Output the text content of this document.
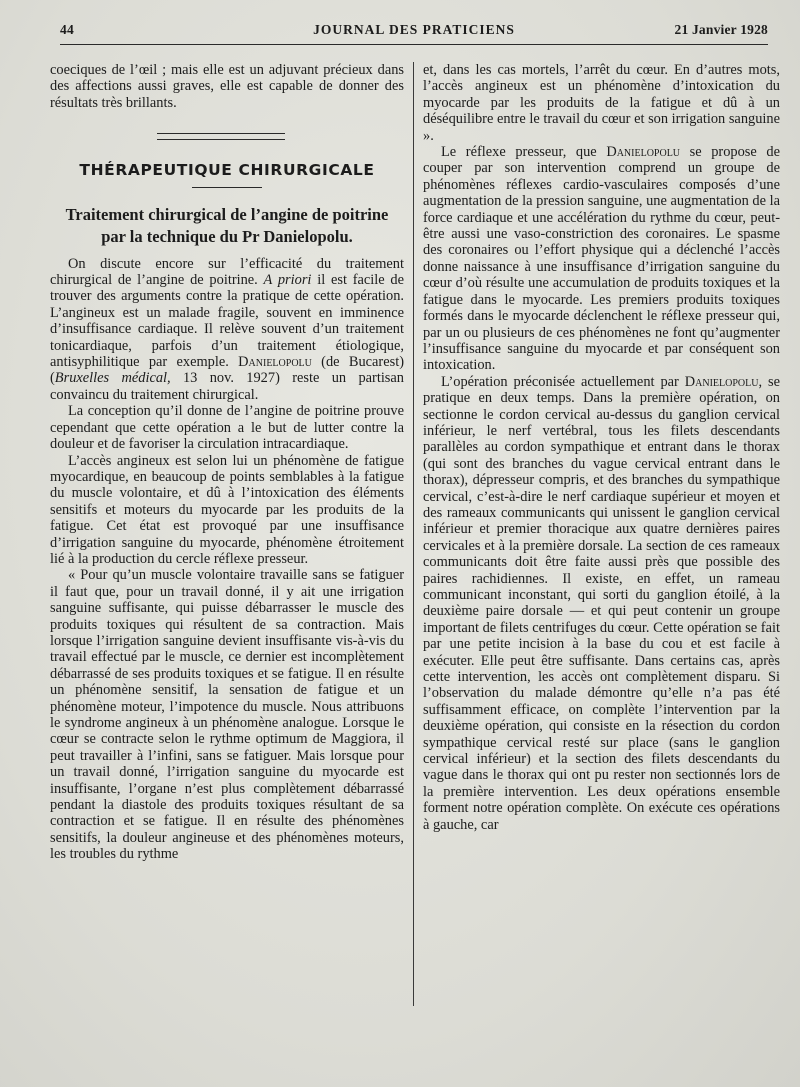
44	JOURNAL DES PRATICIENS	21 Janvier 1928

coeciques de l’œil ; mais elle est un adjuvant précieux dans des affections aussi graves, elle est capable de donner des résultats très brillants.

THÉRAPEUTIQUE CHIRURGICALE
Traitement chirurgical de l’angine de poitrine
par la technique du Pr Danielopolu.

On discute encore sur l’efficacité du traitement chirurgical de l’angine de poitrine. A priori il est facile de trouver des arguments contre la pratique de cette opération. L’angineux est un malade fragile, souvent en imminence d’insuffisance cardiaque. Il relève souvent d’un traitement tonicardiaque, parfois d’un traitement étiologique, antisyphilitique par exemple. Danielopolu (de Bucarest) (Bruxelles médical, 13 nov. 1927) reste un partisan convaincu du traitement chirurgical.

La conception qu’il donne de l’angine de poitrine prouve cependant que cette opération a le but de lutter contre la douleur et de favoriser la circulation intracardiaque.

L’accès angineux est selon lui un phénomène de fatigue myocardique, en beaucoup de points semblables à la fatigue du muscle volontaire, et dû à l’intoxication des éléments sensitifs et moteurs du myocarde par les produits de la fatigue. Cet état est provoqué par une insuffisance d’irrigation sanguine du myocarde, phénomène étroitement lié à la production du cercle réflexe presseur.

« Pour qu’un muscle volontaire travaille sans se fatiguer il faut que, pour un travail donné, il y ait une irrigation sanguine suffisante, qui puisse débarrasser le muscle des produits toxiques qui résultent de sa contraction. Mais lorsque l’irrigation sanguine devient insuffisante vis-à-vis du travail effectué par le muscle, ce dernier est incomplètement débarrassé de ses produits toxiques et se fatigue. Il en résulte un phénomène sensitif, la sensation de fatigue et un phénomène moteur, l’impotence du muscle. Nous attribuons le syndrome angineux à un phénomène analogue. Lorsque le cœur se contracte selon le rythme optimum de Maggiora, il peut travailler à l’infini, sans se fatiguer. Mais lorsque pour un travail donné, l’irrigation sanguine du myocarde est insuffisante, l’organe n’est plus complètement débarrassé pendant la diastole des produits toxiques résultant de sa contraction et se fatigue. Il en résulte des phénomènes sensitifs, la douleur angineuse et des phénomènes moteurs, les troubles du rythme

et, dans les cas mortels, l’arrêt du cœur. En d’autres mots, l’accès angineux est un phénomène d’intoxication du myocarde par les produits de la fatigue et dû à un déséquilibre entre le travail du cœur et son irrigation sanguine ».

Le réflexe presseur, que Danielopolu se propose de couper par son intervention comprend un groupe de phénomènes réflexes cardio-vasculaires composés d’une augmentation de la pression sanguine, une augmentation de la force cardiaque et une accélération du rythme du cœur, peut-être aussi une vaso-constriction des coronaires. Le spasme des coronaires ou l’effort physique qui a déclenché l’accès donne naissance à une insuffisance d’irrigation sanguine du cœur d’où résulte une accumulation de produits toxiques et la fatigue dans le myocarde. Les premiers produits toxiques formés dans le myocarde déclenchent le réflexe presseur qui, par un ou plusieurs de ces phénomènes ne font qu’augmenter l’insuffisance sanguine du myocarde et par conséquent son intoxication.

L’opération préconisée actuellement par Danielopolu, se pratique en deux temps. Dans la première opération, on sectionne le cordon cervical au-dessus du ganglion cervical inférieur, le nerf vertébral, tous les filets descendants parallèles au cordon sympathique et entrant dans le thorax (qui sont des branches du vague cervical entrant dans le thorax), dépresseur compris, et des branches du sympathique cervical, c’est-à-dire le nerf cardiaque supérieur et moyen et des rameaux communicants qui unissent le ganglion cervical inférieur et premier thoracique aux quatre dernières paires cervicales et à la première dorsale. La section de ces rameaux communicants doit être faite aussi près que possible des paires rachidiennes. Il existe, en effet, un rameau communicant inconstant, qui sorti du ganglion étoilé, à la deuxième paire dorsale — et qui peut contenir un groupe important de filets centrifuges du cœur. Cette opération se fait par une petite incision à la base du cou et est facile à exécuter. Elle peut être suffisante. Dans certains cas, après cette intervention, les accès ont complètement disparu. Si l’observation du malade démontre qu’elle n’a pas été suffisamment efficace, on complète l’intervention par la deuxième opération, qui consiste en la résection du cordon sympathique cervical resté sur place (sans le ganglion cervical inférieur) et la section des filets descendants du vague dans le thorax qui ont pu rester non sectionnés lors de la première intervention. Les deux opérations ensemble forment notre opération complète. On exécute ces opérations à gauche, car
